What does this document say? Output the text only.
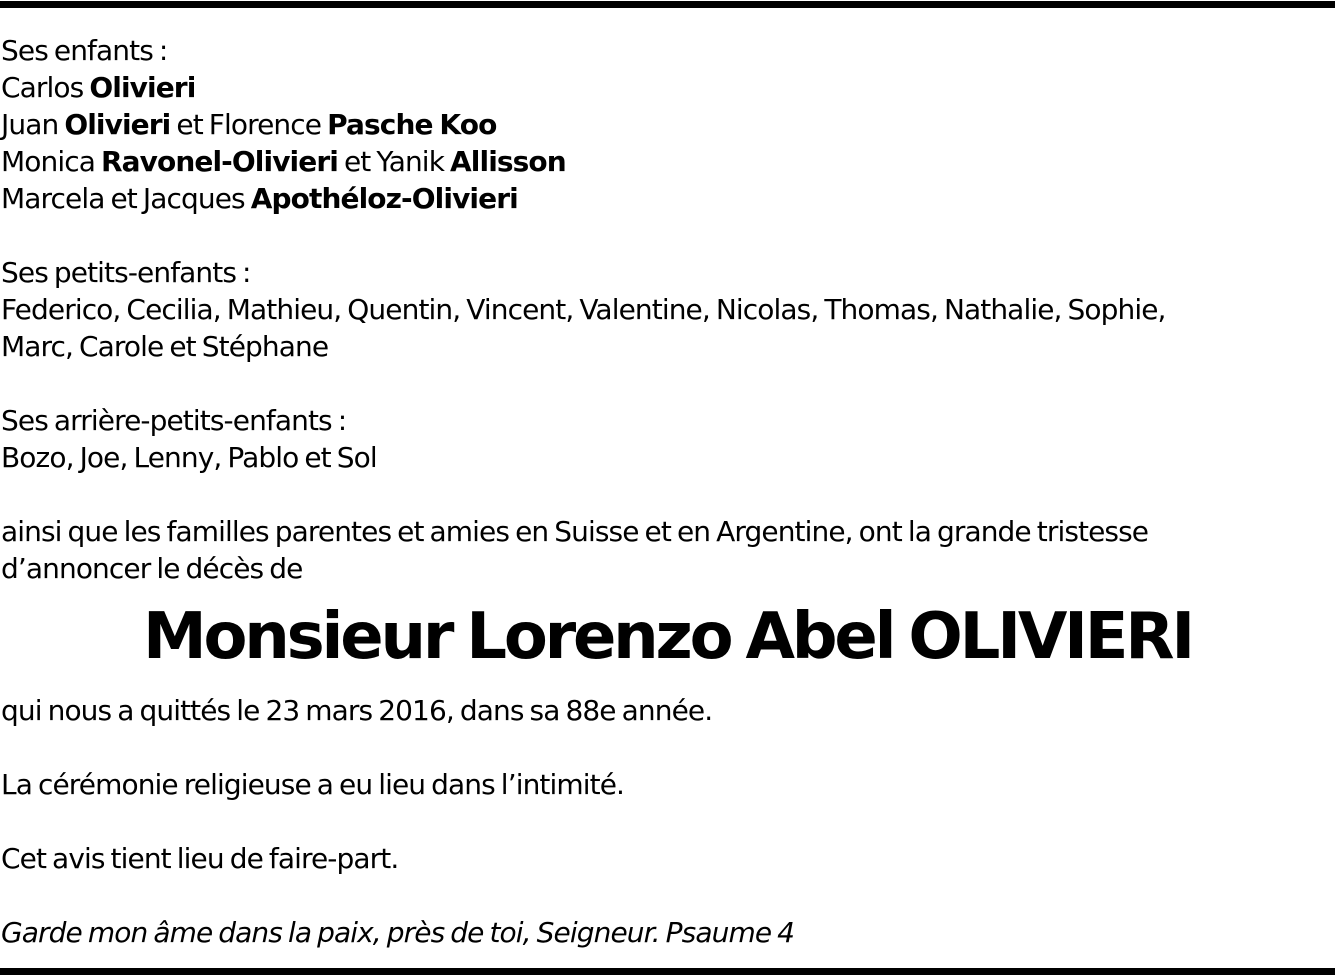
Ses enfants :
Carlos Olivieri
Juan Olivieri et Florence Pasche Koo
Monica Ravonel-Olivieri et Yanik Allisson
Marcela et Jacques Apothéloz-Olivieri
Ses petits-enfants :
Federico, Cecilia, Mathieu, Quentin, Vincent, Valentine, Nicolas, Thomas, Nathalie, Sophie,
Marc, Carole et Stéphane
Ses arrière-petits-enfants :
Bozo, Joe, Lenny, Pablo et Sol
ainsi que les familles parentes et amies en Suisse et en Argentine, ont la grande tristesse
d’annoncer le décès de
Monsieur Lorenzo Abel OLIVIERI
qui nous a quittés le 23 mars 2016, dans sa 88e année.
La cérémonie religieuse a eu lieu dans l’intimité.
Cet avis tient lieu de faire-part.
Garde mon âme dans la paix, près de toi, Seigneur. Psaume 4
